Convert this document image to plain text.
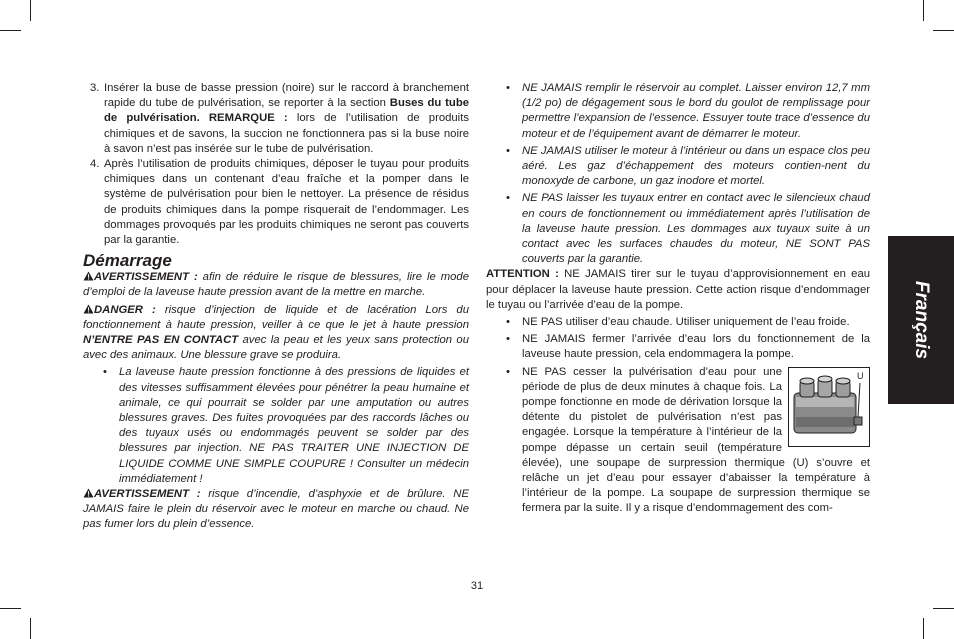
3. Insérer la buse de basse pression (noire) sur le raccord à branchement rapide du tube de pulvérisation, se reporter à la section Buses du tube de pulvérisation. REMARQUE : lors de l’utilisation de produits chimiques et de savons, la succion ne fonctionnera pas si la buse noire à savon n’est pas insérée sur le tube de pulvérisation.

4. Après l’utilisation de produits chimiques, déposer le tuyau pour produits chimiques dans un contenant d’eau fraîche et la pomper dans le système de pulvérisation pour bien le nettoyer. La présence de résidus de produits chimiques dans la pompe risquerait de l’endommager. Les dommages provoqués par les produits chimiques ne seront pas couverts par la garantie.

Démarrage

AVERTISSEMENT : afin de réduire le risque de blessures, lire le mode d’emploi de la laveuse haute pression avant de la mettre en marche.

DANGER : risque d’injection de liquide et de lacération Lors du fonctionnement à haute pression, veiller à ce que le jet à haute pression N’ENTRE PAS EN CONTACT avec la peau et les yeux sans protection ou avec des animaux. Une blessure grave se produira.

• La laveuse haute pression fonctionne à des pressions de liquides et des vitesses suffisamment élevées pour pénétrer la peau humaine et animale, ce qui pourrait se solder par une amputation ou autres blessures graves. Des fuites provoquées par des raccords lâches ou des tuyaux usés ou endommagés peuvent se solder par des blessures par injection. NE PAS TRAITER UNE INJECTION DE LIQUIDE COMME UNE SIMPLE COUPURE ! Consulter un médecin immédiatement !

AVERTISSEMENT : risque d’incendie, d’asphyxie et de brûlure. NE JAMAIS faire le plein du réservoir avec le moteur en marche ou chaud. Ne pas fumer lors du plein d’essence.

• NE JAMAIS remplir le réservoir au complet. Laisser environ 12,7 mm (1/2 po) de dégagement sous le bord du goulot de remplissage pour permettre l’expansion de l’essence. Essuyer toute trace d’essence du moteur et de l’équipement avant de démarrer le moteur.

• NE JAMAIS utiliser le moteur à l’intérieur ou dans un espace clos peu aéré. Les gaz d’échappement des moteurs contien-nent du monoxyde de carbone, un gaz inodore et mortel.

• NE PAS laisser les tuyaux entrer en contact avec le silencieux chaud en cours de fonctionnement ou immédiatement après l’utilisation de la laveuse haute pression. Les dommages aux tuyaux suite à un contact avec les surfaces chaudes du moteur, NE SONT PAS couverts par la garantie.

ATTENTION : NE JAMAIS tirer sur le tuyau d’approvisionnement en eau pour déplacer la laveuse haute pression. Cette action risque d’endommager le tuyau ou l’arrivée d’eau de la pompe.

• NE PAS utiliser d’eau chaude. Utiliser uniquement de l’eau froide.

• NE JAMAIS fermer l’arrivée d’eau lors du fonctionnement de la laveuse haute pression, cela endommagera la pompe.

•	U
NE PAS cesser la pulvérisation d’eau pour une période de plus de deux minutes à chaque fois. La pompe fonctionne en mode de dérivation lorsque la détente du pistolet de pulvérisation n’est pas engagée. Lorsque la température à l’intérieur de la pompe dépasse un certain seuil (température élevée), une soupape de surpression thermique (U) s’ouvre et relâche un jet d’eau pour essayer d’abaisser la température à l’intérieur de la pompe. La soupape de surpression thermique se fermera par la suite. Il y a risque d’endommagement des com-
Français
31
